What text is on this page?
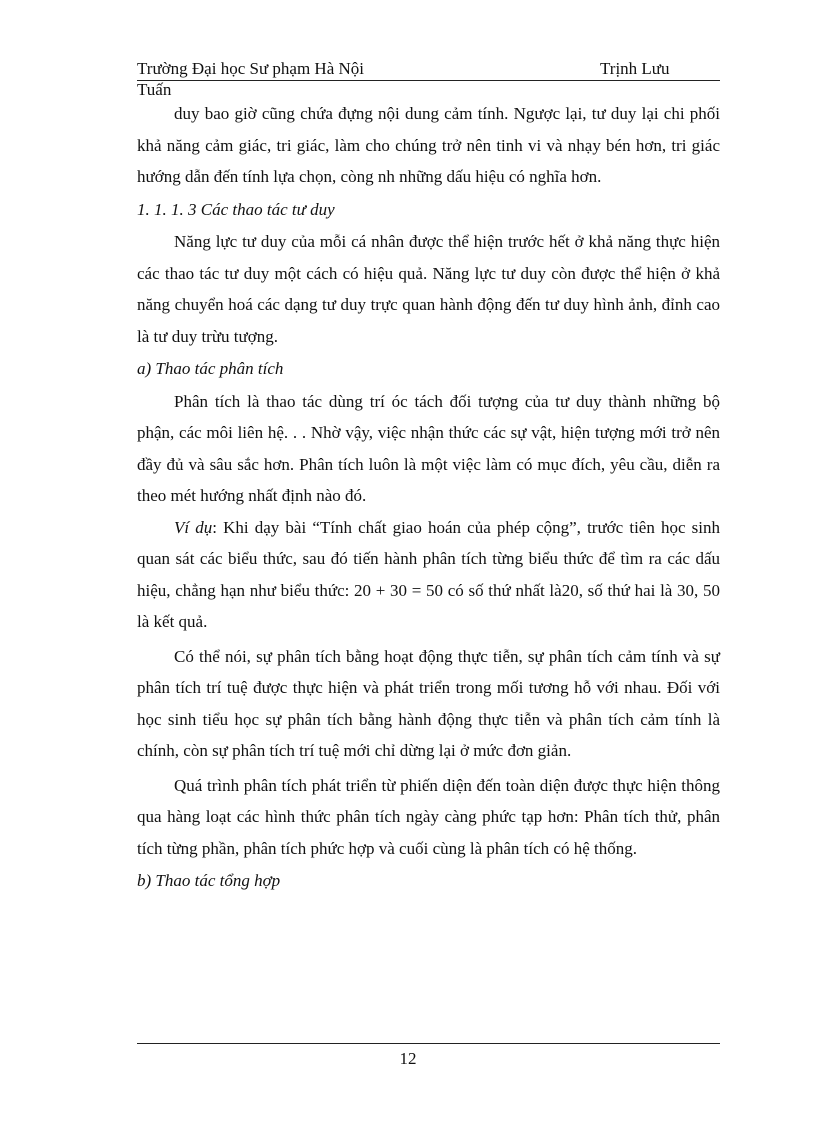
Trường Đại học Sư phạm Hà Nội	Trịnh Lưu
Tuấn

duy bao giờ cũng chứa đựng nội dung cảm tính. Ngược lại, tư duy lại chi phối khả năng cảm giác, tri giác, làm cho chúng trở nên tinh vi và nhạy bén hơn, tri giác hướng dẫn đến tính lựa chọn, còng nh những dấu hiệu có nghĩa hơn.

1. 1. 1. 3 Các thao tác tư duy

Năng lực tư duy của mỗi cá nhân được thể hiện trước hết ở khả năng thực hiện các thao tác tư duy một cách có hiệu quả. Năng lực tư duy còn được thể hiện ở khả năng chuyển hoá các dạng tư duy trực quan hành động đến tư duy hình ảnh, đỉnh cao là tư duy trừu tượng.

a) Thao tác phân tích

Phân tích là thao tác dùng trí óc tách đối tượng của tư duy thành những bộ phận, các môi liên hệ. . . Nhờ vậy, việc nhận thức các sự vật, hiện tượng mới trở nên đầy đủ và sâu sắc hơn. Phân tích luôn là một việc làm có mục đích, yêu cầu, diễn ra theo mét hướng nhất định nào đó.

Ví dụ: Khi dạy bài “Tính chất giao hoán của phép cộng”, trước tiên học sinh quan sát các biểu thức, sau đó tiến hành phân tích từng biểu thức để tìm ra các dấu hiệu, chẳng hạn như biểu thức: 20 + 30 = 50 có số thứ nhất là20, số thứ hai là 30, 50 là kết quả.

Có thể nói, sự phân tích bằng hoạt động thực tiễn, sự phân tích cảm tính và sự phân tích trí tuệ được thực hiện và phát triển trong mối tương hỗ với nhau. Đối với học sinh tiểu học sự phân tích bằng hành động thực tiễn và phân tích cảm tính là chính, còn sự phân tích trí tuệ mới chỉ dừng lại ở mức đơn giản.

Quá trình phân tích phát triển từ phiến diện đến toàn diện được thực hiện thông qua hàng loạt các hình thức phân tích ngày càng phức tạp hơn: Phân tích thử, phân tích từng phần, phân tích phức hợp và cuối cùng là phân tích có hệ thống.

b) Thao tác tổng hợp

12
